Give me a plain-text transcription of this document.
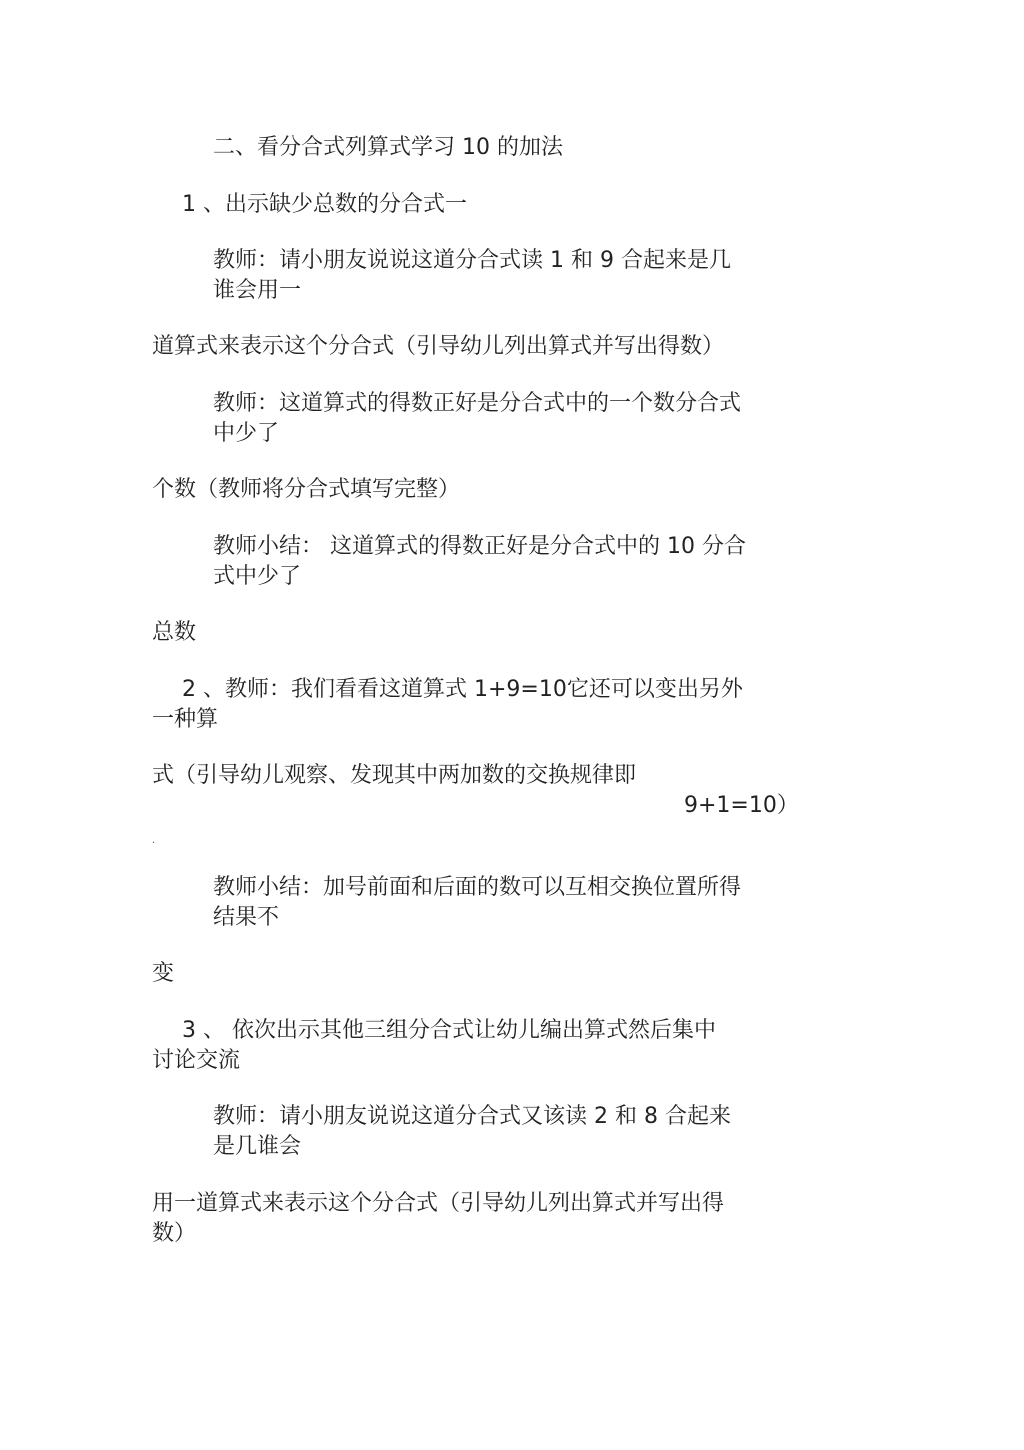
二、看分合式列算式学习 10 的加法

1 、出示缺少总数的分合式一

教师：请小朋友说说这道分合式读 1 和 9 合起来是几

谁会用一

道算式来表示这个分合式（引导幼儿列出算式并写出得数）

教师：这道算式的得数正好是分合式中的一个数分合式

中少了

个数（教师将分合式填写完整）

教师小结： 这道算式的得数正好是分合式中的 10 分合

式中少了

总数

2 、教师：我们看看这道算式 1+9=10它还可以变出另外

一种算

式（引导幼儿观察、发现其中两加数的交换规律即

9+1=10）

.

教师小结：加号前面和后面的数可以互相交换位置所得

结果不

变

3 、 依次出示其他三组分合式让幼儿编出算式然后集中

讨论交流

教师：请小朋友说说这道分合式又该读 2 和 8 合起来

是几谁会

用一道算式来表示这个分合式（引导幼儿列出算式并写出得

数）
